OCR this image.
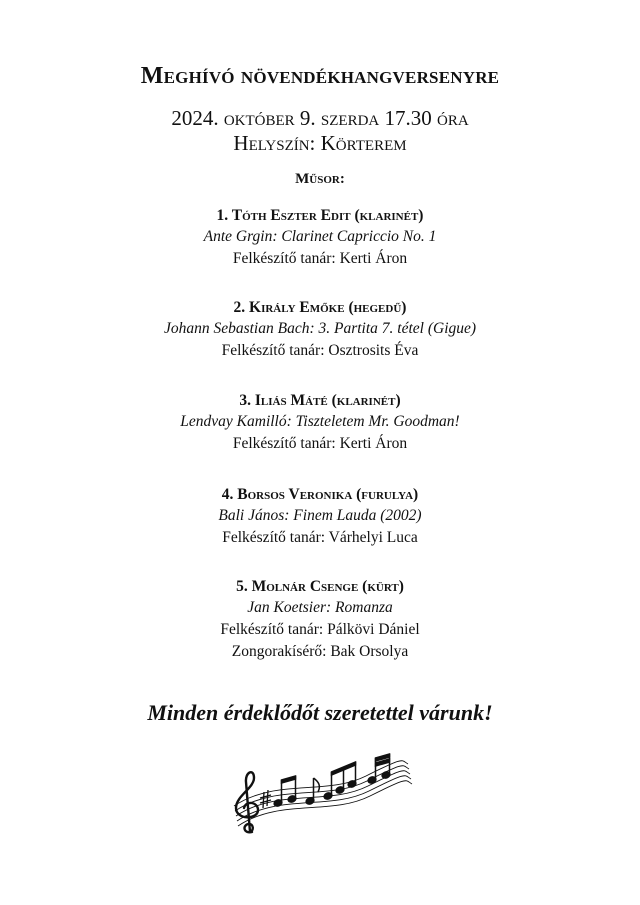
Meghívó növendékhangversenyre
2024. október 9. szerda 17.30 óra
Helyszín: Körterem
Műsor:
1. Tóth Eszter Edit (klarinét)
Ante Grgin: Clarinet Capriccio No. 1
Felkészítő tanár: Kerti Áron
2. Király Emőke (hegedű)
Johann Sebastian Bach: 3. Partita 7. tétel (Gigue)
Felkészítő tanár: Osztrosits Éva
3. Iliás Máté (klarinét)
Lendvay Kamilló: Tiszteletem Mr. Goodman!
Felkészítő tanár: Kerti Áron
4. Borsos Veronika (furulya)
Bali János: Finem Lauda (2002)
Felkészítő tanár: Várhelyi Luca
5. Molnár Csenge (kürt)
Jan Koetsier: Romanza
Felkészítő tanár: Pálkövi Dániel
Zongorakísérő: Bak Orsolya
Minden érdeklődőt szeretettel várunk!
